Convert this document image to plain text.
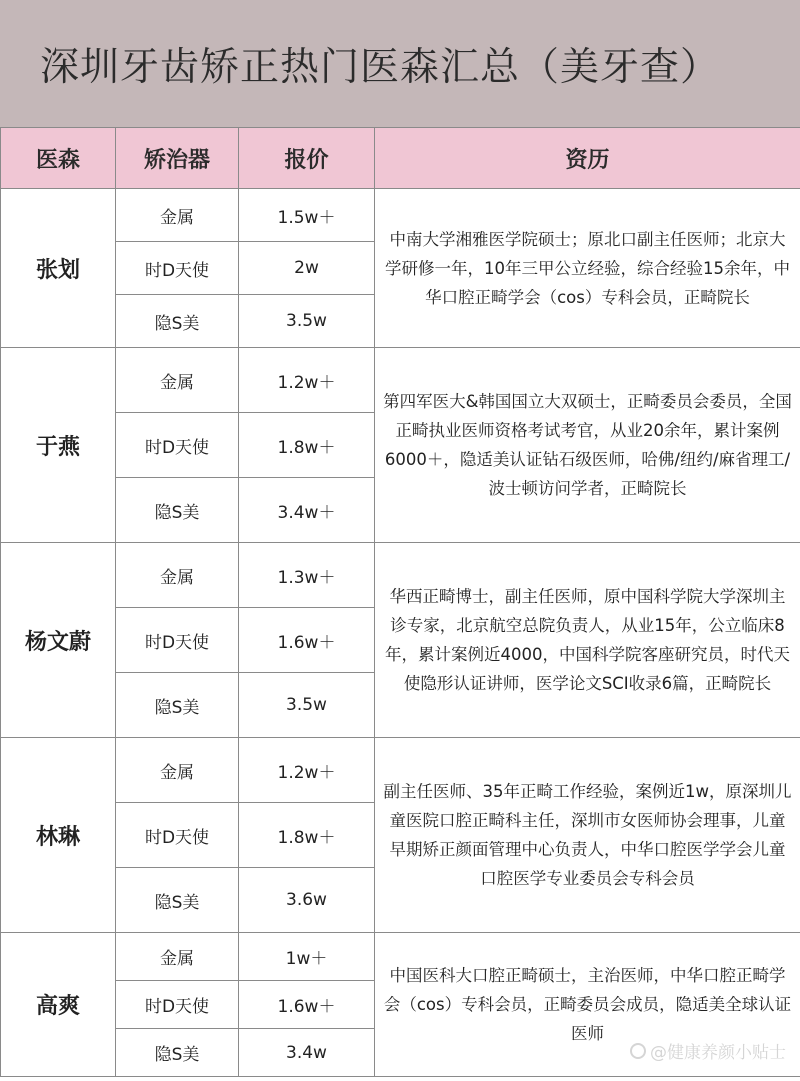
深圳牙齿矫正热门医森汇总（美牙查）
医森	矫治器	报价	资历
张划	金属	1.5w＋	中南大学湘雅医学院硕士；原北口副主任医师；北京大学研修一年，10年三甲公立经验，综合经验15余年，中华口腔正畸学会（cos）专科会员，正畸院长
	时D天使	2w	
	隐S美	3.5w	
于燕	金属	1.2w＋	第四军医大&韩国国立大双硕士，正畸委员会委员，全国正畸执业医师资格考试考官，从业20余年，累计案例6000＋，隐适美认证钻石级医师，哈佛/纽约/麻省理工/波士顿访问学者，正畸院长
	时D天使	1.8w＋	
	隐S美	3.4w＋	
杨文蔚	金属	1.3w＋	华西正畸博士，副主任医师，原中国科学院大学深圳主诊专家，北京航空总院负责人，从业15年，公立临床8年，累计案例近4000，中国科学院客座研究员，时代天使隐形认证讲师，医学论文SCI收录6篇，正畸院长
	时D天使	1.6w＋	
	隐S美	3.5w	
林琳	金属	1.2w＋	副主任医师、35年正畸工作经验，案例近1w，原深圳儿童医院口腔正畸科主任，深圳市女医师协会理事，儿童早期矫正颜面管理中心负责人，中华口腔医学学会儿童口腔医学专业委员会专科会员
	时D天使	1.8w＋	
	隐S美	3.6w	
高爽	金属	1w＋	中国医科大口腔正畸硕士，主治医师，中华口腔正畸学会（cos）专科会员，正畸委员会成员，隐适美全球认证医师
	时D天使	1.6w＋	
	隐S美	3.4w		@健康养颜小贴士
